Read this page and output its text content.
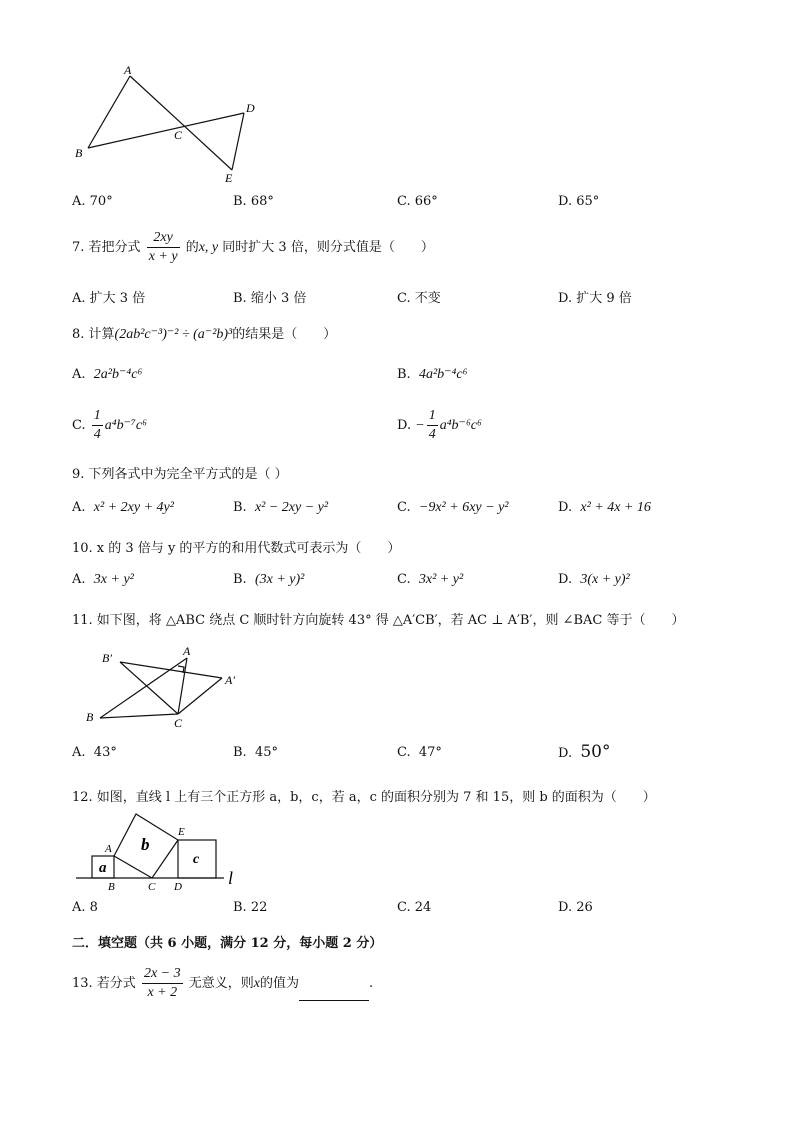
A
B
C
D
E
A. 70°	B. 68°	C. 66°	D. 65°
7. 若把分式 $\frac{2xy}{x + y}$ 的x, y 同时扩大 3 倍，则分式值是（　　）
A. 扩大 3 倍	B. 缩小 3 倍	C. 不变	D. 扩大 9 倍
8. 计算(2ab²c⁻³)⁻² ÷ (a⁻²b)³的结果是（　　）
A. 2a²b⁻⁴c⁶	B. 4a²b⁻⁴c⁶
C. $\frac{1}{4} a^4b^{-7}c^6$	D. − $\frac{1}{4} a^4b^{-6}c^6$
9. 下列各式中为完全平方式的是（ ）
A. x² + 2xy + 4y²	B. x² − 2xy − y²	C. −9x² + 6xy − y²	D. x² + 4x + 16
10. x 的 3 倍与 y 的平方的和用代数式可表示为（　　）
A. 3x + y²	B. (3x + y)²	C. 3x² + y²	D. 3(x + y)²
11. 如下图，将 △ABC 绕点 C 顺时针方向旋转 43° 得 △A′CB′，若 AC ⊥ A′B′，则 ∠BAC 等于（　　）
B′	A
A′
B	C
A. 43°	B. 45°	C. 47°	D. 50°
12. 如图，直线 l 上有三个正方形 a，b，c，若 a，c 的面积分别为 7 和 15，则 b 的面积为（　　）
a
b
c
l
A
B	C D
E
A. 8	B. 22	C. 24	D. 26
二．填空题（共 6 小题，满分 12 分，每小题 2 分）
13. 若分式 $\frac{2x - 3}{x + 2}$ 无意义，则x的值为	.
